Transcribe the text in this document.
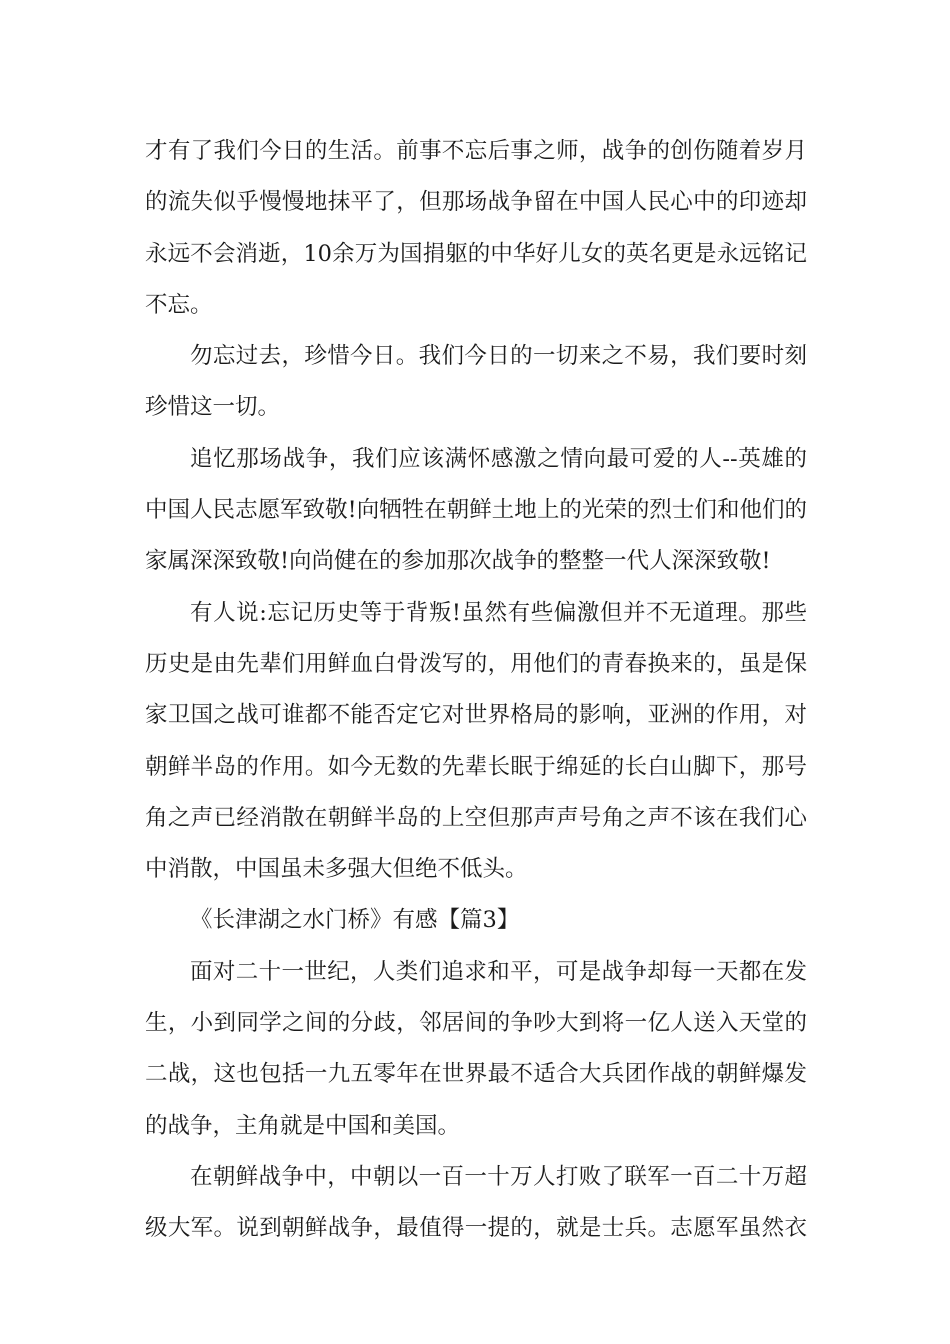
才有了我们今日的生活。前事不忘后事之师，战争的创伤随着岁月
的流失似乎慢慢地抹平了，但那场战争留在中国人民心中的印迹却
永远不会消逝，10余万为国捐躯的中华好儿女的英名更是永远铭记
不忘。
勿忘过去，珍惜今日。我们今日的一切来之不易，我们要时刻
珍惜这一切。
追忆那场战争，我们应该满怀感激之情向最可爱的人--英雄的
中国人民志愿军致敬!向牺牲在朝鲜土地上的光荣的烈士们和他们的
家属深深致敬!向尚健在的参加那次战争的整整一代人深深致敬!
有人说:忘记历史等于背叛!虽然有些偏激但并不无道理。那些
历史是由先辈们用鲜血白骨泼写的，用他们的青春换来的，虽是保
家卫国之战可谁都不能否定它对世界格局的影响，亚洲的作用，对
朝鲜半岛的作用。如今无数的先辈长眠于绵延的长白山脚下，那号
角之声已经消散在朝鲜半岛的上空但那声声号角之声不该在我们心
中消散，中国虽未多强大但绝不低头。
《长津湖之水门桥》有感【篇3】
面对二十一世纪，人类们追求和平，可是战争却每一天都在发
生，小到同学之间的分歧，邻居间的争吵大到将一亿人送入天堂的
二战，这也包括一九五零年在世界最不适合大兵团作战的朝鲜爆发
的战争，主角就是中国和美国。
在朝鲜战争中，中朝以一百一十万人打败了联军一百二十万超
级大军。说到朝鲜战争，最值得一提的，就是士兵。志愿军虽然衣
